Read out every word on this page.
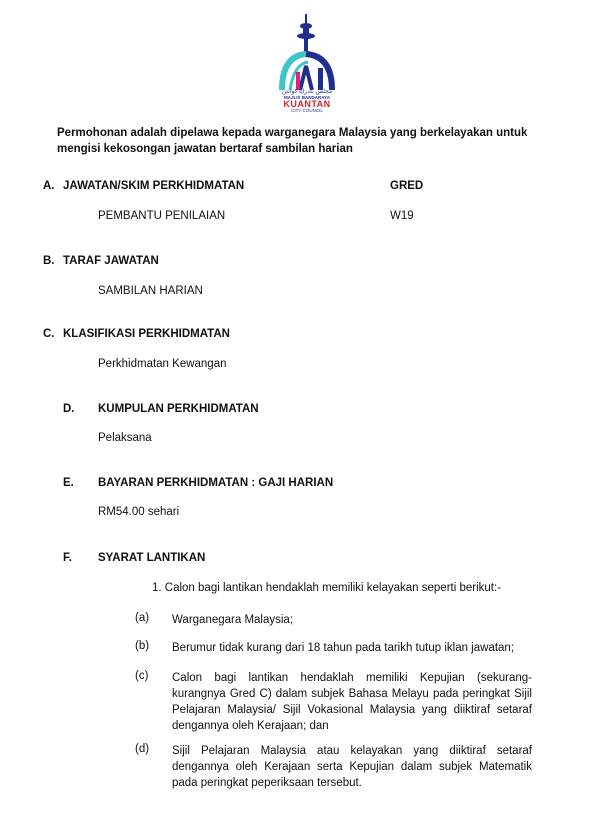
مجلس بندرايا كوانتن
MAJLIS BANDARAYA
KUANTAN
CITY COUNCIL
Permohonan adalah dipelawa kepada warganegara Malaysia yang berkelayakan untuk
mengisi kekosongan jawatan bertaraf sambilan harian
A. JAWATAN/SKIM PERKHIDMATAN	GRED
PEMBANTU PENILAIAN	W19
B. TARAF JAWATAN
SAMBILAN HARIAN
C. KLASIFIKASI PERKHIDMATAN
Perkhidmatan Kewangan
D. KUMPULAN PERKHIDMATAN
Pelaksana
E. BAYARAN PERKHIDMATAN : GAJI HARIAN
RM54.00 sehari
F. SYARAT LANTIKAN
1. Calon bagi lantikan hendaklah memiliki kelayakan seperti berikut:-
(a) Warganegara Malaysia;
(b) Berumur tidak kurang dari 18 tahun pada tarikh tutup iklan jawatan;
(c) Calon bagi lantikan hendaklah memiliki Kepujian (sekurang-
kurangnya Gred C) dalam subjek Bahasa Melayu pada peringkat Sijil
Pelajaran Malaysia/ Sijil Vokasional Malaysia yang diiktiraf setaraf
dengannya oleh Kerajaan; dan
(d) Sijil Pelajaran Malaysia atau kelayakan yang diiktiraf setaraf
dengannya oleh Kerajaan serta Kepujian dalam subjek Matematik
pada peringkat peperiksaan tersebut.
